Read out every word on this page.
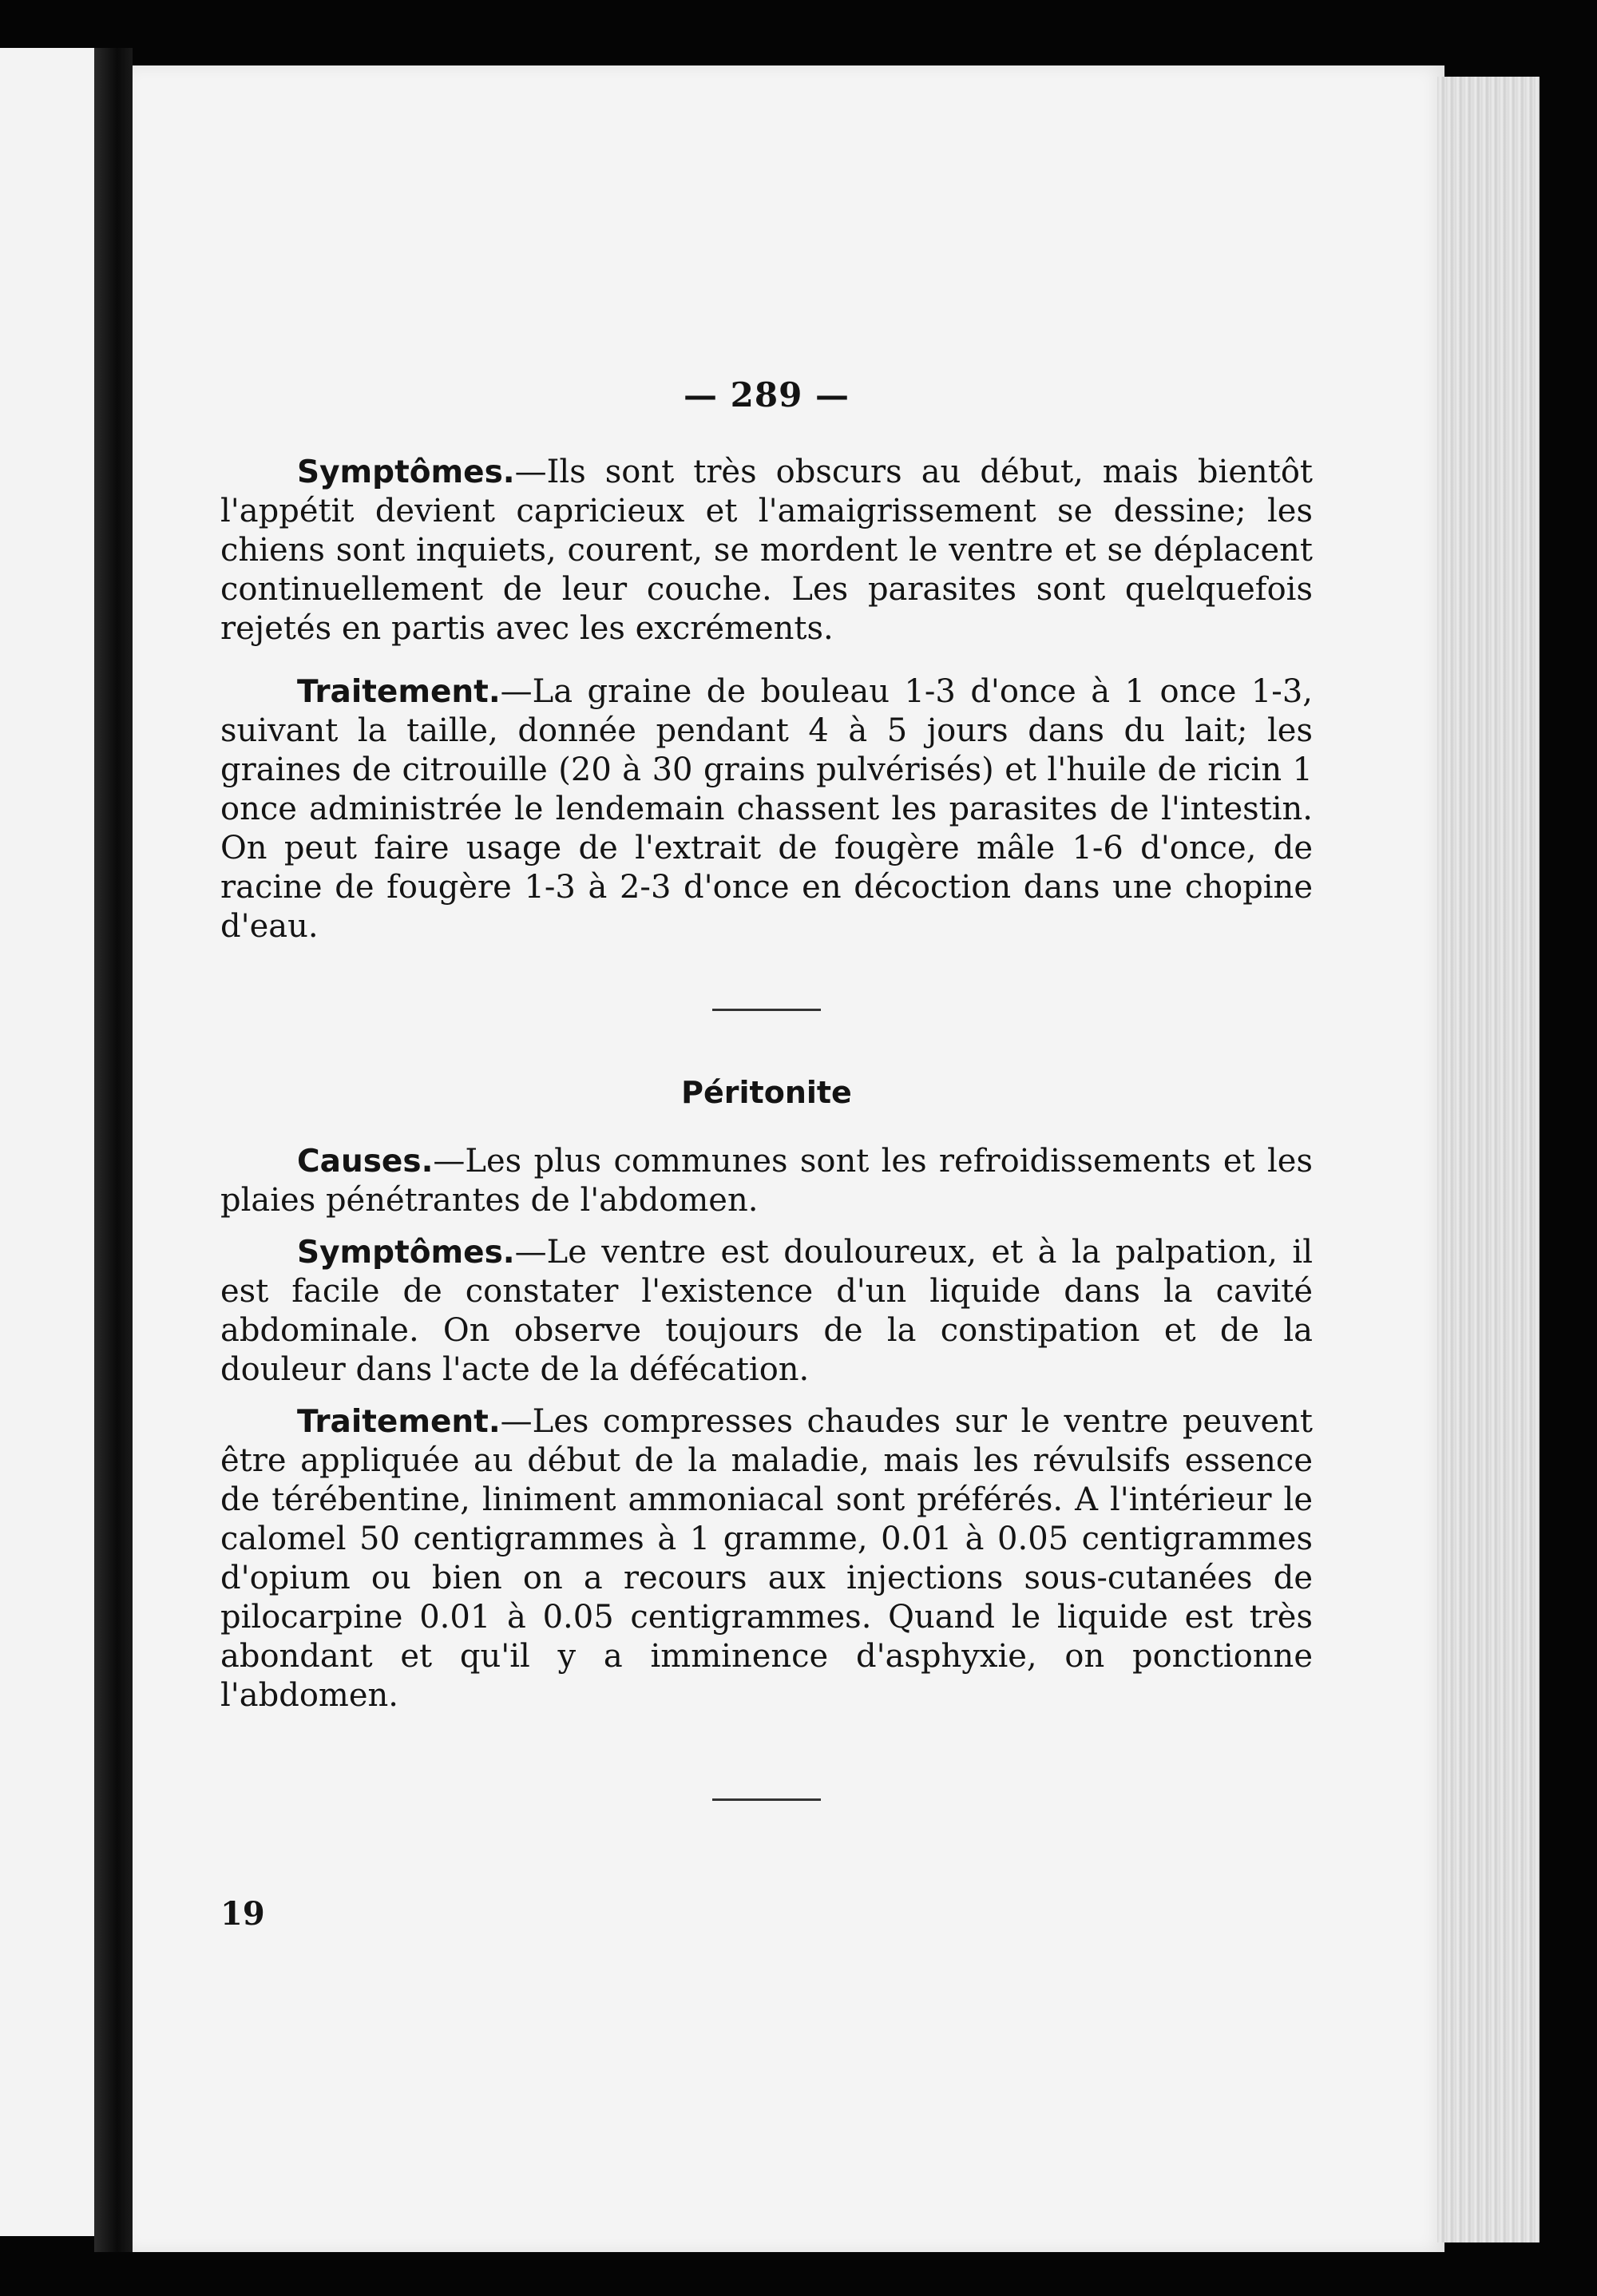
— 289 —

Symptômes.—Ils sont très obscurs au début, mais bientôt l'appétit devient capricieux et l'amaigrissement se dessine; les chiens sont inquiets, courent, se mordent le ventre et se déplacent continuellement de leur couche. Les parasites sont quelquefois rejetés en partis avec les excréments.

Traitement.—La graine de bouleau 1-3 d'once à 1 once 1-3, suivant la taille, donnée pendant 4 à 5 jours dans du lait; les graines de citrouille (20 à 30 grains pulvérisés) et l'huile de ricin 1 once administrée le lendemain chassent les parasites de l'intestin. On peut faire usage de l'extrait de fougère mâle 1-6 d'once, de racine de fougère 1-3 à 2-3 d'once en décoction dans une chopine d'eau.

Péritonite

Causes.—Les plus communes sont les refroidissements et les plaies pénétrantes de l'abdomen.

Symptômes.—Le ventre est douloureux, et à la palpation, il est facile de constater l'existence d'un liquide dans la cavité abdominale. On observe toujours de la constipation et de la douleur dans l'acte de la défécation.

Traitement.—Les compresses chaudes sur le ventre peuvent être appliquée au début de la maladie, mais les révulsifs essence de térébentine, liniment ammoniacal sont préférés. A l'intérieur le calomel 50 centigrammes à 1 gramme, 0.01 à 0.05 centigrammes d'opium ou bien on a recours aux injections sous-cutanées de pilocarpine 0.01 à 0.05 centigrammes. Quand le liquide est très abondant et qu'il y a imminence d'asphyxie, on ponctionne l'abdomen.

19
